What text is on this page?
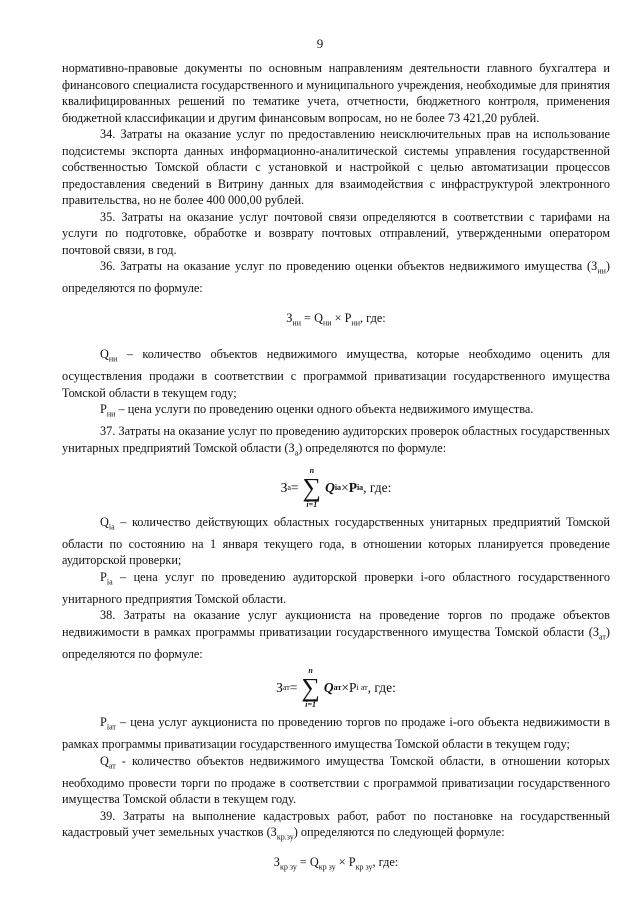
9

нормативно-правовые документы по основным направлениям деятельности главного бухгалтера и финансового специалиста государственного и муниципального учреждения, необходимые для принятия квалифицированных решений по тематике учета, отчетности, бюджетного контроля, применения бюджетной классификации и другим финансовым вопросам, но не более 73 421,20 рублей.

34. Затраты на оказание услуг по предоставлению неисключительных прав на использование подсистемы экспорта данных информационно-аналитической системы управления государственной собственностью Томской области с установкой и настройкой с целью автоматизации процессов предоставления сведений в Витрину данных для взаимодействия с инфраструктурой электронного правительства, но не более 400 000,00 рублей.

35. Затраты на оказание услуг почтовой связи определяются в соответствии с тарифами на услуги по подготовке, обработке и возврату почтовых отправлений, утвержденными оператором почтовой связи, в год.

36. Затраты на оказание услуг по проведению оценки объектов недвижимого имущества $(З_{ни})$ определяются по формуле:

$З_{ни} = Q_{ни} \times Р_{ни}$, где:

$Q_{ни}$ – количество объектов недвижимого имущества, которые необходимо оценить для осуществления продажи в соответствии с программой приватизации государственного имущества Томской области в текущем году;

$Р_{ни}$ – цена услуги по проведению оценки одного объекта недвижимого имущества.

37. Затраты на оказание услуг по проведению аудиторских проверок областных государственных унитарных предприятий Томской области $(З_а)$ определяются по формуле:

З а =
n
∑
i=1
Q iа × P iа , где:

$Q_{iа}$ – количество действующих областных государственных унитарных предприятий Томской области по состоянию на 1 января текущего года, в отношении которых планируется проведение аудиторской проверки;

$Р_{iа}$ – цена услуг по проведению аудиторской проверки i-ого областного государственного унитарного предприятия Томской области.

38. Затраты на оказание услуг аукциониста на проведение торгов по продаже объектов недвижимости в рамках программы приватизации государственного имущества Томской области $(З_{ат})$ определяются по формуле:

З ат =
n
∑
i=1
Q ат × Р i ат , где:

$Р_{iат}$ – цена услуг аукциониста по проведению торгов по продаже i-ого объекта недвижимости в рамках программы приватизации государственного имущества Томской области в текущем году;

$Q_{ат}$ - количество объектов недвижимого имущества Томской области, в отношении которых необходимо провести торги по продаже в соответствии с программой приватизации государственного имущества Томской области в текущем году.

39. Затраты на выполнение кадастровых работ, работ по постановке на государственный кадастровый учет земельных участков $(З_{кр.зу})$ определяются по следующей формуле:

$З_{кр зу} = Q_{кр зу} \times Р_{кр зу}$, где:
